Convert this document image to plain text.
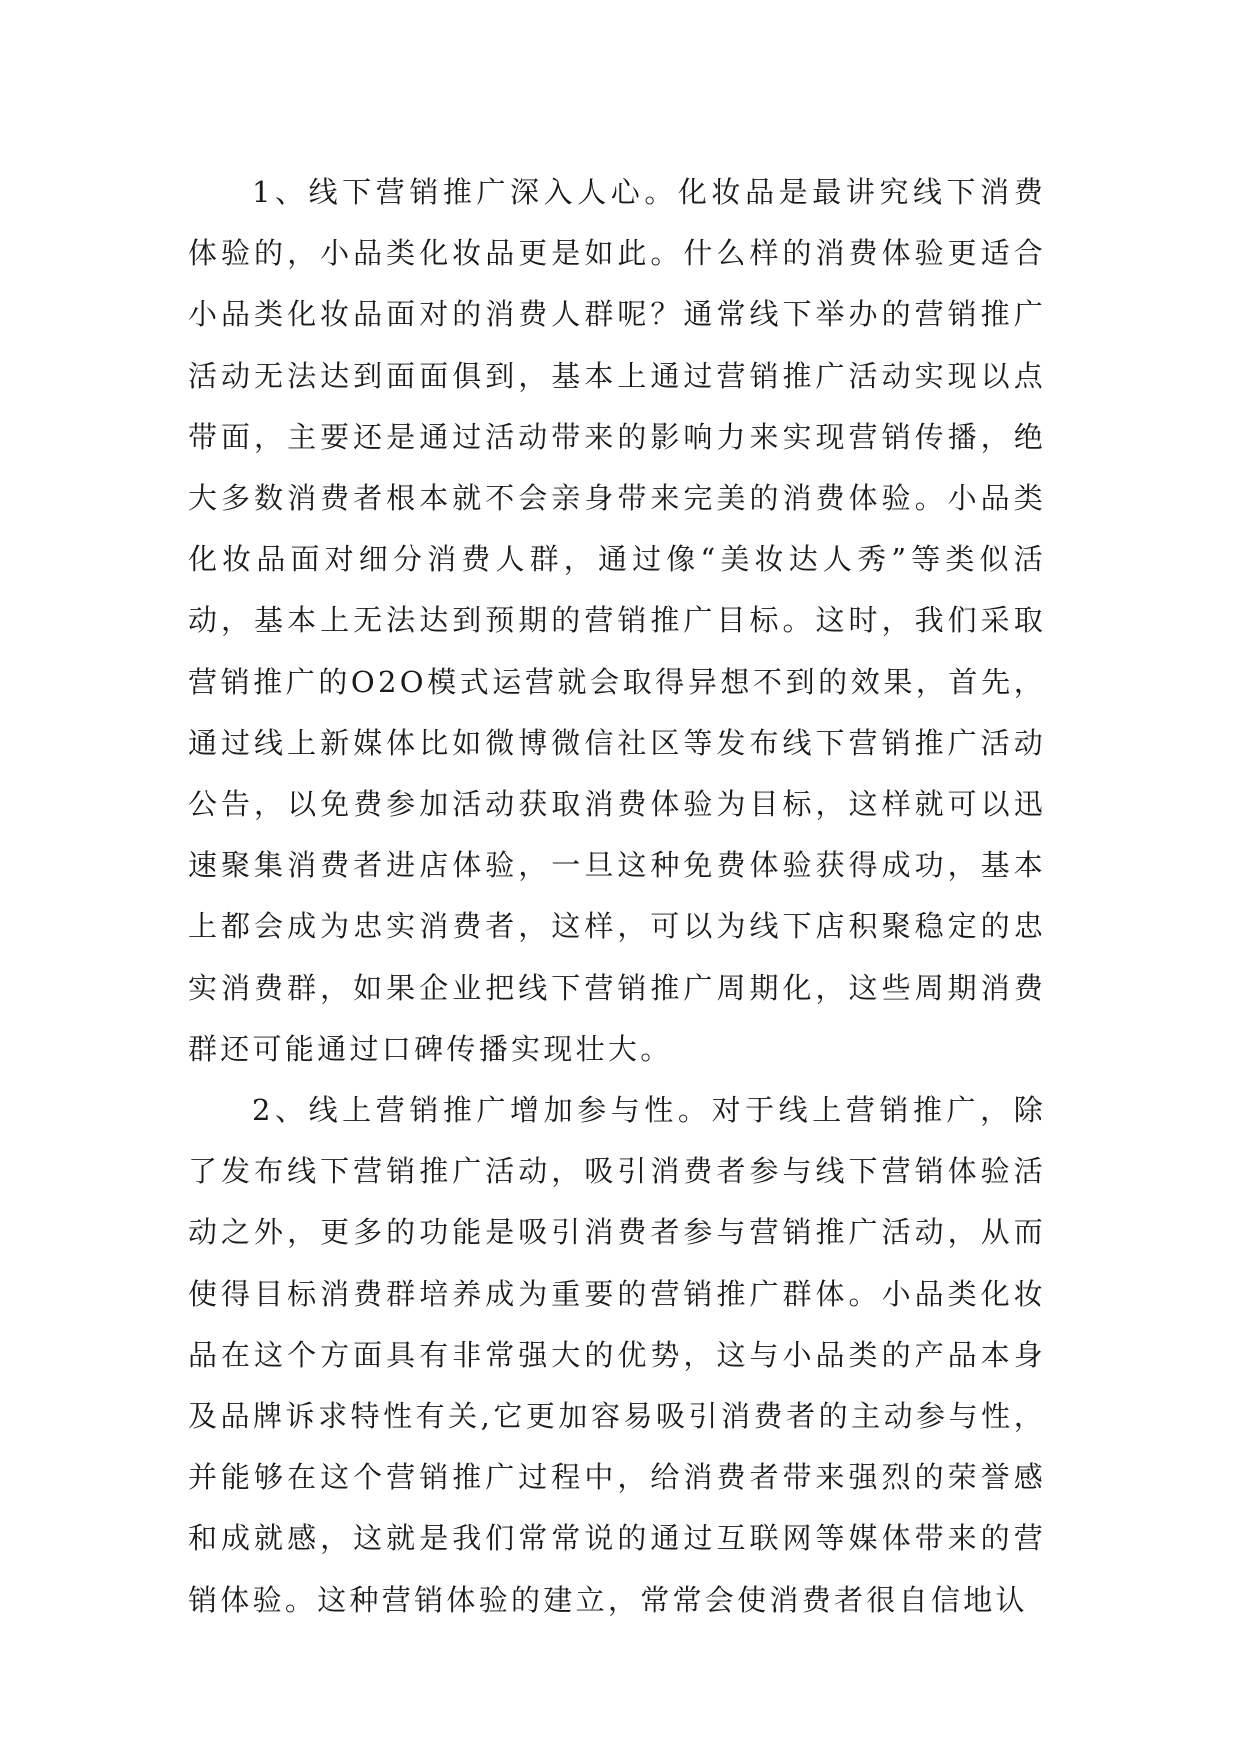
1、线下营销推广深入人心。化妆品是最讲究线下消费体验的，小品类化妆品更是如此。什么样的消费体验更适合小品类化妆品面对的消费人群呢？通常线下举办的营销推广活动无法达到面面俱到，基本上通过营销推广活动实现以点带面，主要还是通过活动带来的影响力来实现营销传播，绝大多数消费者根本就不会亲身带来完美的消费体验。小品类化妆品面对细分消费人群，通过像“美妆达人秀”等类似活动，基本上无法达到预期的营销推广目标。这时，我们采取营销推广的O2O模式运营就会取得异想不到的效果，首先，通过线上新媒体比如微博微信社区等发布线下营销推广活动公告，以免费参加活动获取消费体验为目标，这样就可以迅速聚集消费者进店体验，一旦这种免费体验获得成功，基本上都会成为忠实消费者，这样，可以为线下店积聚稳定的忠实消费群，如果企业把线下营销推广周期化，这些周期消费群还可能通过口碑传播实现壮大。

2、线上营销推广增加参与性。对于线上营销推广，除了发布线下营销推广活动，吸引消费者参与线下营销体验活动之外，更多的功能是吸引消费者参与营销推广活动，从而使得目标消费群培养成为重要的营销推广群体。小品类化妆品在这个方面具有非常强大的优势，这与小品类的产品本身及品牌诉求特性有关,它更加容易吸引消费者的主动参与性，并能够在这个营销推广过程中，给消费者带来强烈的荣誉感和成就感，这就是我们常常说的通过互联网等媒体带来的营销体验。这种营销体验的建立，常常会使消费者很自信地认
